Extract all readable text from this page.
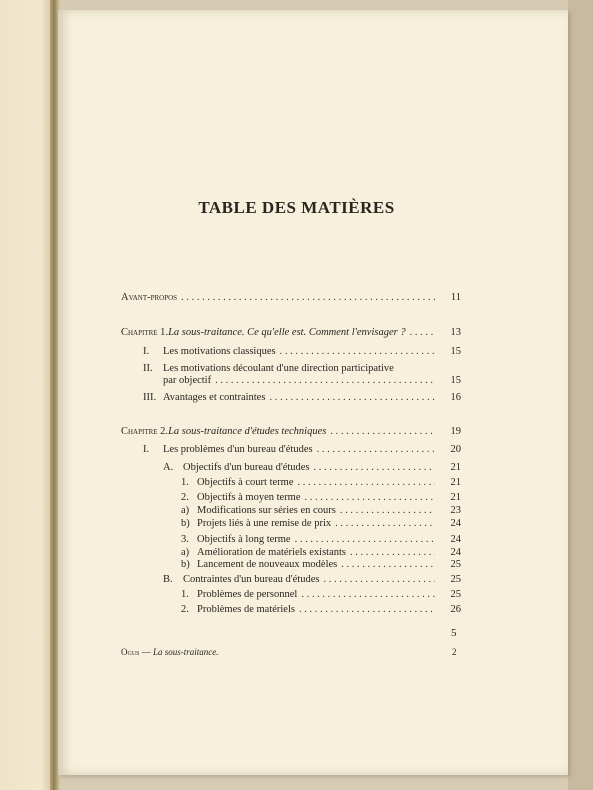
TABLE DES MATIÈRES
Avant-propos . . .	11
Chapitre 1. La sous-traitance. Ce qu'elle est. Comment l'envisager ? . . .	13
I.	Les motivations classiques . . .	15
II. Les motivations découlant d'une direction participative
par objectif . . .	15
III. Avantages et contraintes . . .	16
Chapitre 2. La sous-traitance d'études techniques . . .	19
I.	Les problèmes d'un bureau d'études . . .	20
A. Objectifs d'un bureau d'études . . .	21
1. Objectifs à court terme . . .	21
2. Objectifs à moyen terme . . .	21
a) Modifications sur séries en cours . . .	23
b) Projets liés à une remise de prix . . .	24
3. Objectifs à long terme . . .	24
a) Amélioration de matériels existants . . .	24
b) Lancement de nouveaux modèles . . .	25
B. Contraintes d'un bureau d'études . . .	25
1. Problèmes de personnel . . .	25
2. Problèmes de matériels . . .	26
5
Ogus — La sous-traitance.	2
